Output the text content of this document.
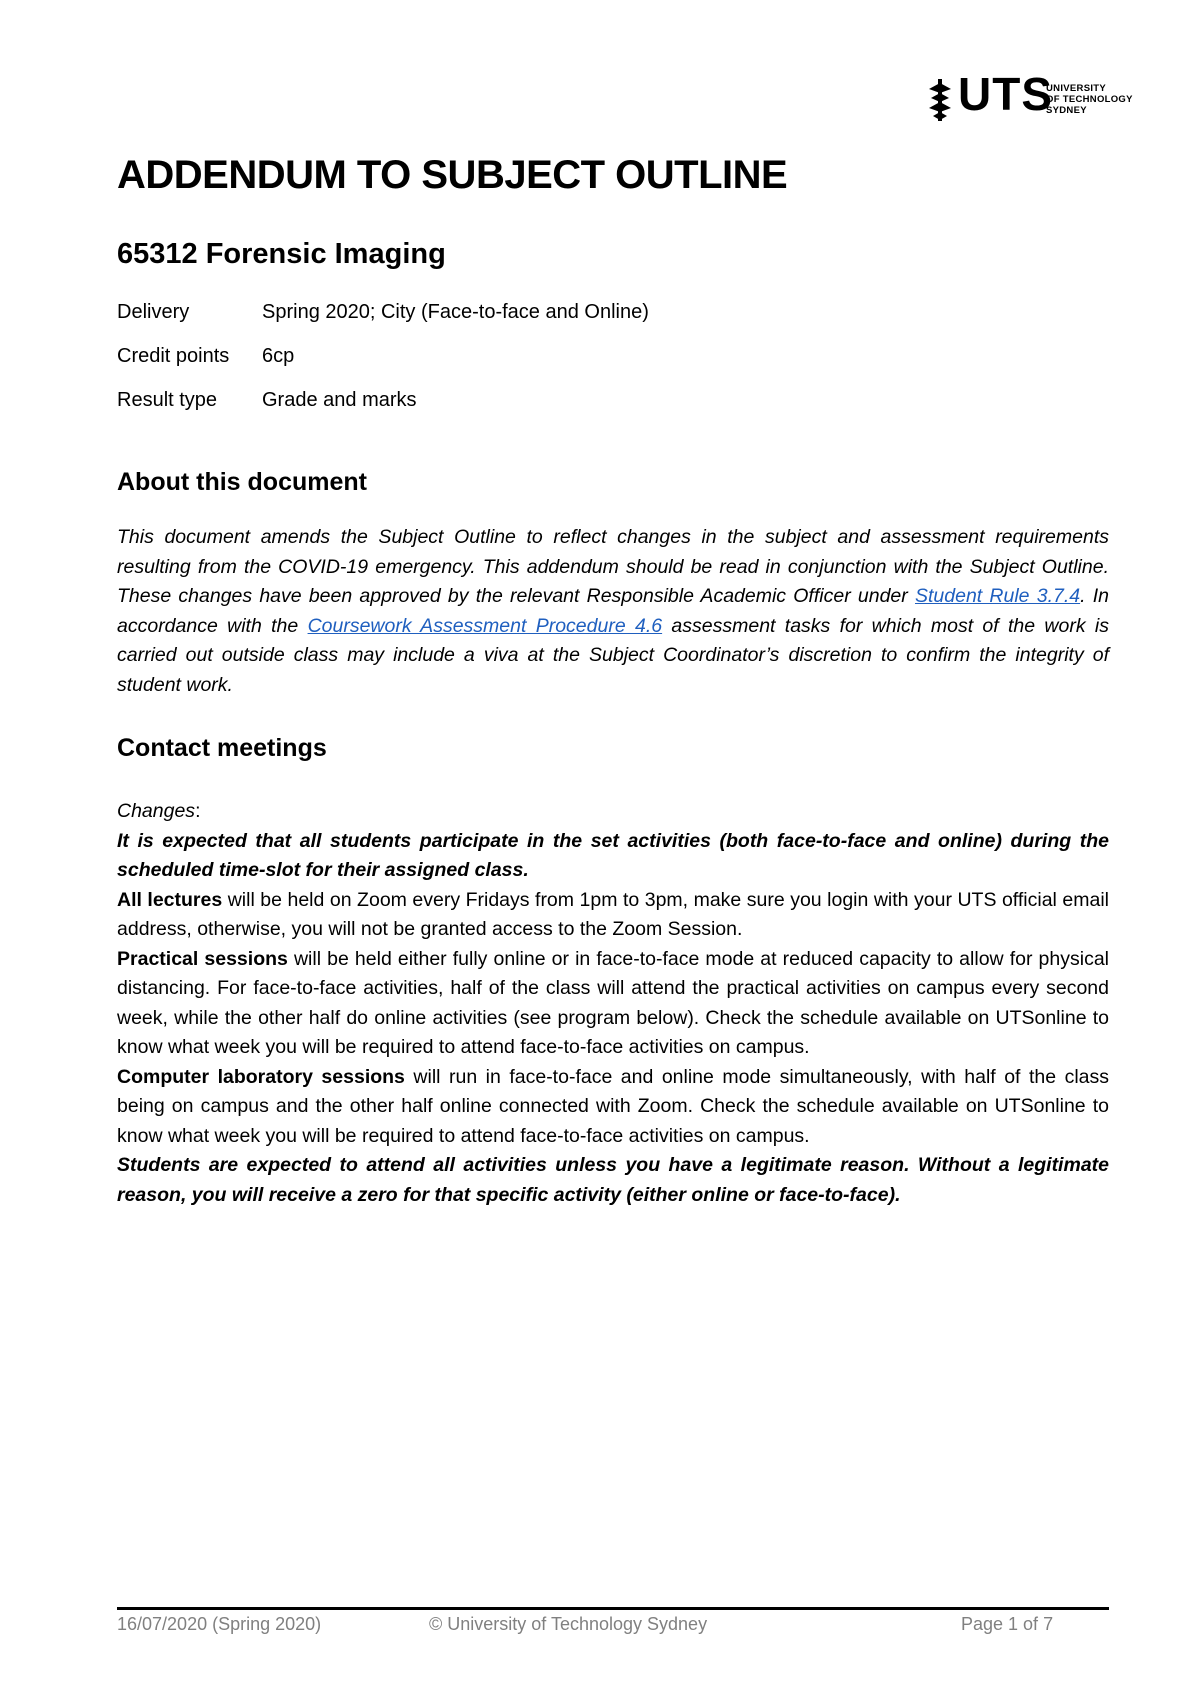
UTS
UNIVERSITY
OF TECHNOLOGY
SYDNEY
ADDENDUM TO SUBJECT OUTLINE
65312 Forensic Imaging
Delivery	Spring 2020; City (Face-to-face and Online)
Credit points 6cp
Result type Grade and marks
About this document
This document amends the Subject Outline to reflect changes in the subject and assessment requirements resulting from the COVID-19 emergency. This addendum should be read in conjunction with the Subject Outline. These changes have been approved by the relevant Responsible Academic Officer under Student Rule 3.7.4. In accordance with the Coursework Assessment Procedure 4.6 assessment tasks for which most of the work is carried out outside class may include a viva at the Subject Coordinator’s discretion to confirm the integrity of student work.
Contact meetings

Changes:

It is expected that all students participate in the set activities (both face-to-face and online) during the scheduled time-slot for their assigned class.

All lectures will be held on Zoom every Fridays from 1pm to 3pm, make sure you login with your UTS official email address, otherwise, you will not be granted access to the Zoom Session.

Practical sessions will be held either fully online or in face-to-face mode at reduced capacity to allow for physical distancing. For face-to-face activities, half of the class will attend the practical activities on campus every second week, while the other half do online activities (see program below). Check the schedule available on UTSonline to know what week you will be required to attend face-to-face activities on campus.

Computer laboratory sessions will run in face-to-face and online mode simultaneously, with half of the class being on campus and the other half online connected with Zoom. Check the schedule available on UTSonline to know what week you will be required to attend face-to-face activities on campus.

Students are expected to attend all activities unless you have a legitimate reason. Without a legitimate reason, you will receive a zero for that specific activity (either online or face-to-face).

16/07/2020 (Spring 2020)	© University of Technology Sydney	Page 1 of 7
